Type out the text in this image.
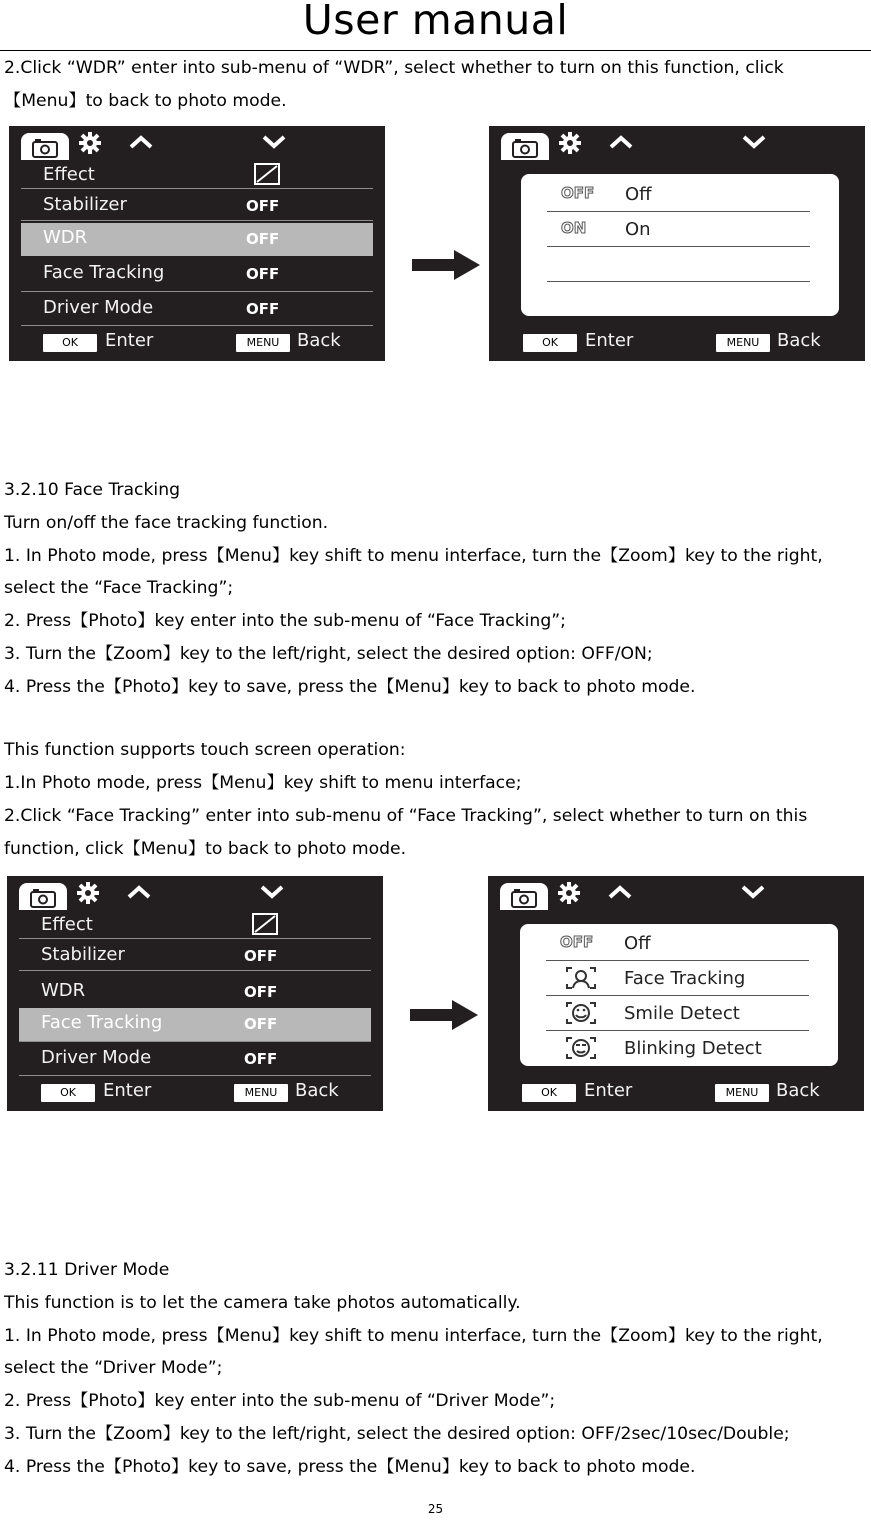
User manual
2.Click “WDR” enter into sub-menu of “WDR”, select whether to turn on this function, click
【Menu】to back to photo mode.
Effect
Stabilizer	OFF
WDR	OFF
Face Tracking	OFF
Driver Mode	OFF
OK	Enter	MENU Back
OFF Off
ON On
OK	Enter	MENU Back
3.2.10 Face Tracking
Turn on/off the face tracking function.
1. In Photo mode, press【Menu】key shift to menu interface, turn the【Zoom】key to the right,
select the “Face Tracking”;
2. Press【Photo】key enter into the sub-menu of “Face Tracking”;
3. Turn the【Zoom】key to the left/right, select the desired option: OFF/ON;
4. Press the【Photo】key to save, press the【Menu】key to back to photo mode.
This function supports touch screen operation:
1.In Photo mode, press【Menu】key shift to menu interface;
2.Click “Face Tracking” enter into sub-menu of “Face Tracking”, select whether to turn on this
function, click【Menu】to back to photo mode.
Effect
Stabilizer	OFF
WDR	OFF
Face Tracking	OFF
Driver Mode	OFF
OK	Enter	MENU Back
OFF Off
Face Tracking
Smile Detect
Blinking Detect
OK	Enter	MENU Back
3.2.11 Driver Mode
This function is to let the camera take photos automatically.
1. In Photo mode, press【Menu】key shift to menu interface, turn the【Zoom】key to the right,
select the “Driver Mode”;
2. Press【Photo】key enter into the sub-menu of “Driver Mode”;
3. Turn the【Zoom】key to the left/right, select the desired option: OFF/2sec/10sec/Double;
4. Press the【Photo】key to save, press the【Menu】key to back to photo mode.
25
